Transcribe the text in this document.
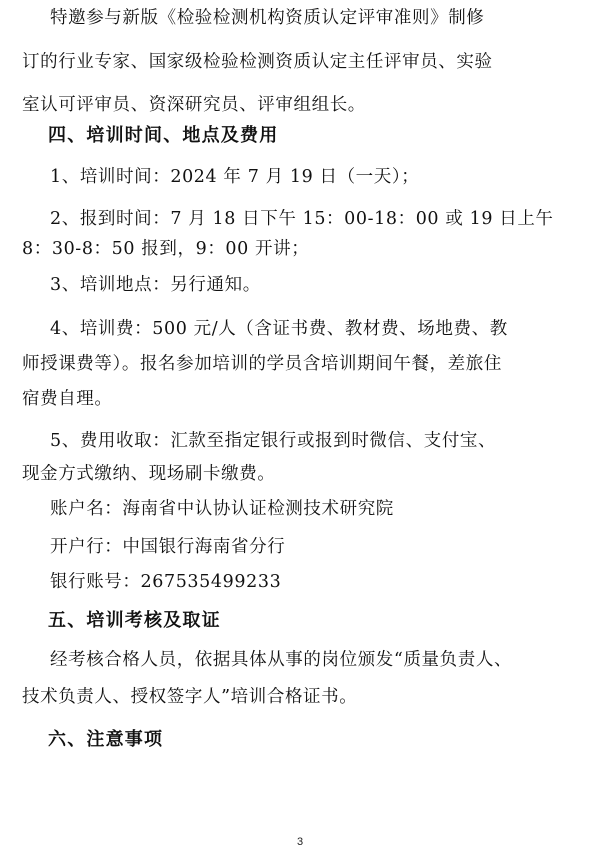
特邀参与新版《检验检测机构资质认定评审准则》制修
订的行业专家、国家级检验检测资质认定主任评审员、实验
室认可评审员、资深研究员、评审组组长。
四、培训时间、地点及费用
1、培训时间：2024 年 7 月 19 日（一天）；
2、报到时间：7 月 18 日下午 15：00-18：00 或 19 日上午
8：30-8：50 报到，9：00 开讲；
3、培训地点：另行通知。
4、培训费：500 元/人（含证书费、教材费、场地费、教
师授课费等）。报名参加培训的学员含培训期间午餐，差旅住
宿费自理。
5、费用收取：汇款至指定银行或报到时微信、支付宝、
现金方式缴纳、现场刷卡缴费。
账户名：海南省中认协认证检测技术研究院
开户行：中国银行海南省分行
银行账号：267535499233
五、培训考核及取证
经考核合格人员，依据具体从事的岗位颁发“质量负责人、
技术负责人、授权签字人”培训合格证书。
六、注意事项
3
